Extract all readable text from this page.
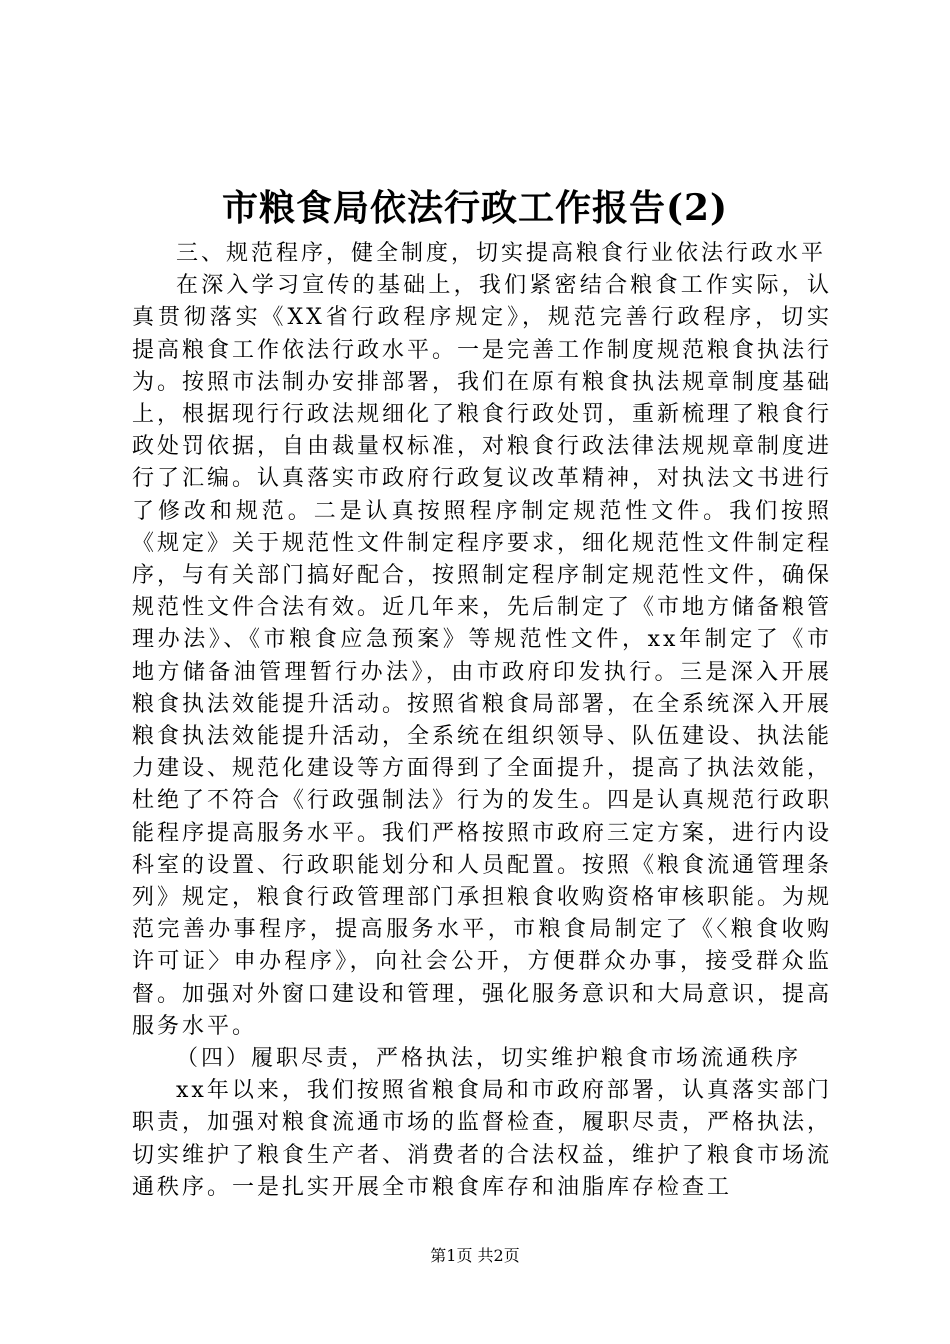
市粮食局依法行政工作报告(2)

三、规范程序，健全制度，切实提高粮食行业依法行政水平

在深入学习宣传的基础上，我们紧密结合粮食工作实际，认真贯彻落实《XX省行政程序规定》，规范完善行政程序，切实提高粮食工作依法行政水平。一是完善工作制度规范粮食执法行为。按照市法制办安排部署，我们在原有粮食执法规章制度基础上，根据现行行政法规细化了粮食行政处罚，重新梳理了粮食行政处罚依据，自由裁量权标准，对粮食行政法律法规规章制度进行了汇编。认真落实市政府行政复议改革精神，对执法文书进行了修改和规范。二是认真按照程序制定规范性文件。我们按照《规定》关于规范性文件制定程序要求，细化规范性文件制定程序，与有关部门搞好配合，按照制定程序制定规范性文件，确保规范性文件合法有效。近几年来，先后制定了《市地方储备粮管理办法》、《市粮食应急预案》等规范性文件，xx年制定了《市地方储备油管理暂行办法》，由市政府印发执行。三是深入开展粮食执法效能提升活动。按照省粮食局部署，在全系统深入开展粮食执法效能提升活动，全系统在组织领导、队伍建设、执法能力建设、规范化建设等方面得到了全面提升，提高了执法效能，杜绝了不符合《行政强制法》行为的发生。四是认真规范行政职能程序提高服务水平。我们严格按照市政府三定方案，进行内设科室的设置、行政职能划分和人员配置。按照《粮食流通管理条列》规定，粮食行政管理部门承担粮食收购资格审核职能。为规范完善办事程序，提高服务水平，市粮食局制定了《〈粮食收购许可证〉申办程序》，向社会公开，方便群众办事，接受群众监督。加强对外窗口建设和管理，强化服务意识和大局意识，提高服务水平。

（四）履职尽责，严格执法，切实维护粮食市场流通秩序

xx年以来，我们按照省粮食局和市政府部署，认真落实部门职责，加强对粮食流通市场的监督检查，履职尽责，严格执法，切实维护了粮食生产者、消费者的合法权益，维护了粮食市场流通秩序。一是扎实开展全市粮食库存和油脂库存检查工

第1页 共2页
